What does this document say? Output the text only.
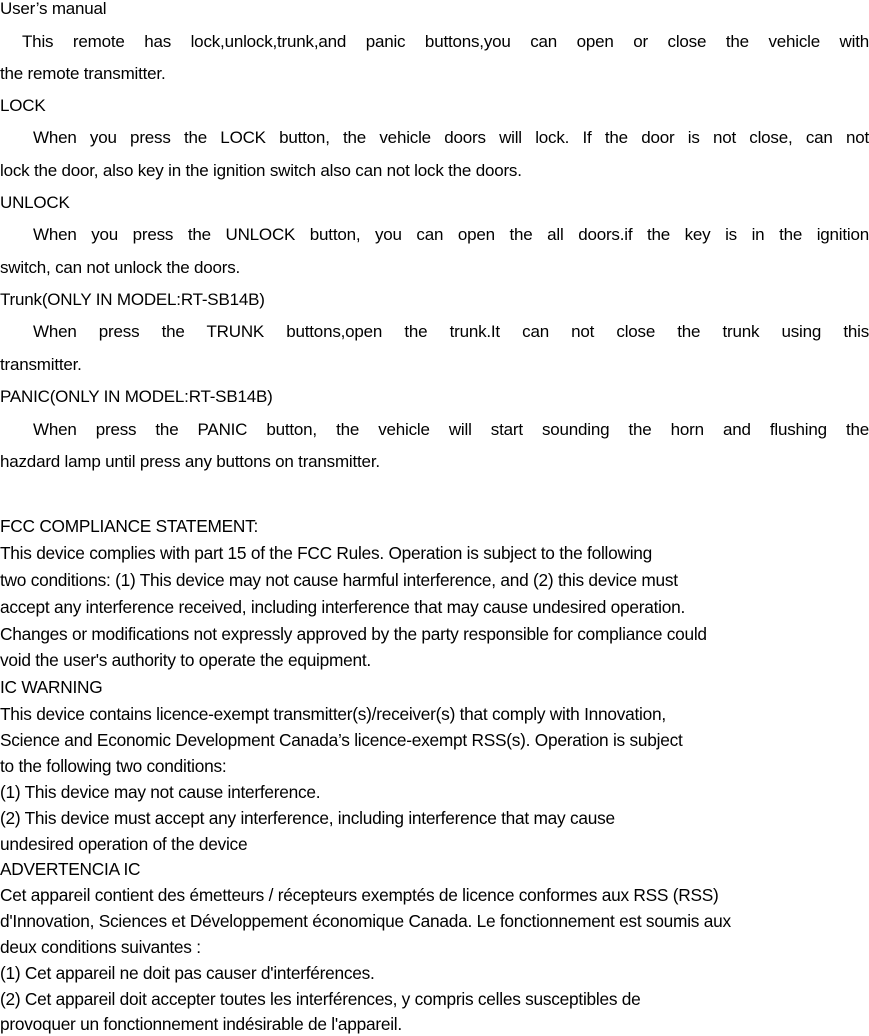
User’s manual
This remote has lock,unlock,trunk,and panic buttons,you can open or close the vehicle with
the remote transmitter.
LOCK
When you press the LOCK button, the vehicle doors will lock. If the door is not close, can not
lock the door, also key in the ignition switch also can not lock the doors.
UNLOCK
When you press the UNLOCK button, you can open the all doors.if the key is in the ignition
switch, can not unlock the doors.
Trunk(ONLY IN MODEL:RT-SB14B)
When press the TRUNK buttons,open the trunk.It can not close the trunk using this
transmitter.
PANIC(ONLY IN MODEL:RT-SB14B)
When press the PANIC button, the vehicle will start sounding the horn and flushing the
hazdard lamp until press any buttons on transmitter.
FCC COMPLIANCE STATEMENT:
This device complies with part 15 of the FCC Rules. Operation is subject to the following
two conditions: (1) This device may not cause harmful interference, and (2) this device must
accept any interference received, including interference that may cause undesired operation.
Changes or modifications not expressly approved by the party responsible for compliance could
void the user's authority to operate the equipment.
IC WARNING
This device contains licence-exempt transmitter(s)/receiver(s) that comply with Innovation,
Science and Economic Development Canada’s licence-exempt RSS(s). Operation is subject
to the following two conditions:
(1) This device may not cause interference.
(2) This device must accept any interference, including interference that may cause
undesired operation of the device
ADVERTENCIA IC
Cet appareil contient des émetteurs / récepteurs exemptés de licence conformes aux RSS (RSS)
d'Innovation, Sciences et Développement économique Canada. Le fonctionnement est soumis aux
deux conditions suivantes :
(1) Cet appareil ne doit pas causer d'interférences.
(2) Cet appareil doit accepter toutes les interférences, y compris celles susceptibles de
provoquer un fonctionnement indésirable de l'appareil.
